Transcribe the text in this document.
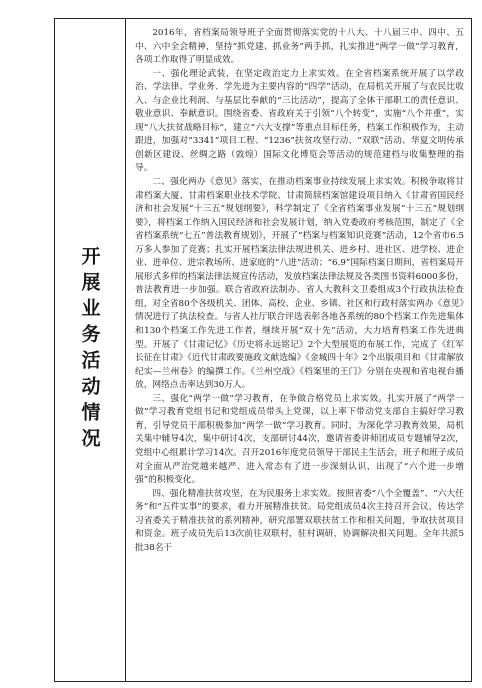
开展业务活动情况

2016年，省档案局领导班子全面贯彻落实党的十八大、十八届三中、四中、五中、六中全会精神，坚持“抓党建、抓业务”两手抓，扎实推进“两学一做”学习教育，各项工作取得了明显成效。

一、强化理论武装，在坚定政治定力上求实效。在全省档案系统开展了以学政治、学法律、学业务、学先进为主要内容的“四学”活动，在局机关开展了与农民比收入、与企业比利润、与基层比奉献的“三比活动”，提高了全体干部职工的责任意识、敬业意识、奉献意识。围绕省委、省政府关于引领“八个转变”，实施“八个并重”，实现“八大扶贫战略目标”，建立“六大支撑”等重点目标任务，档案工作积极作为，主动跟进，加强对“3341”项目工程、“1236”扶贫攻坚行动、“双联”活动、华夏文明传承创新区建设、丝绸之路（敦煌）国际文化博览会等活动的规范建档与收集整理的指导。

二、强化两办《意见》落实，在推动档案事业持续发展上求实效。积极争取将甘肃档案大厦、甘肃档案职业技术学院、甘肃简牍档案馆建设项目纳入《甘肃省国民经济和社会发展“十三五”规划纲要》，科学制定了《全省档案事业发展“十三五”规划纲要》，将档案工作纳入国民经济和社会发展计划，纳入党委政府考核范围，制定了《全省档案系统“七五”普法教育规划》，开展了“档案与档案知识竞赛”活动，12个省市6.5万多人参加了竞赛；扎实开展档案法律法规进机关、进乡村、进社区、进学校、进企业、进单位、进宗教场所、进家庭的“八进”活动；“6.9”国际档案日期间，省档案局开展形式多样的档案法律法规宣传活动，发放档案法律法规及各类图书资料6000多份，普法教育进一步加强。联合省政府法制办、省人大教科文卫委组成3个行政执法检查组，对全省80个各级机关、团体、高校、企业、乡镇、社区和行政村落实两办《意见》情况进行了执法检查。与省人社厅联合评选表彰各地各系统的80个档案工作先进集体和130个档案工作先进工作者，继续开展“双十先”活动，大力培育档案工作先进典型。开展了《甘肃记忆》《历史将永远铭记》2个大型展览的布展工作，完成了《红军长征在甘肃》《近代甘肃政要施政文献选编》《金城四十年》2个出版项目和《甘肃解放纪实—兰州卷》的编撰工作。《兰州空战》《档案里的王门》分别在央视和省电视台播放，网络点击率达到30万人。

三、强化“两学一做”学习教育，在争做合格党员上求实效。扎实开展了“两学一做”学习教育党组书记和党组成员带头上党课，以上率下带动党支部自主搞好学习教育，引导党员干部积极参加“两学一做”学习教育。同时，为深化学习教育效果，局机关集中辅导4次，集中研讨4次，支部研讨44次，邀请省委讲师团成员专题辅导2次，党组中心组累计学习14次。召开2016年度党员领导干部民主生活会，班子和班子成员对全面从严治党越来越严、进入常态有了进一步深刻认识，出现了“六个进一步增强”的积极变化。

四、强化精准扶贫攻坚，在为民服务上求实效。按照省委“八个全覆盖”、“六大任务”和“五件实事”的要求，着力开展精准扶贫。局党组成员4次主持召开会议，传达学习省委关于精准扶贫的系列精神，研究部署双联扶贫工作和相关问题，争取扶贫项目和资金。班子成员先后13次前往双联村，驻村调研，协调解决相关问题。全年共派5批38名干
